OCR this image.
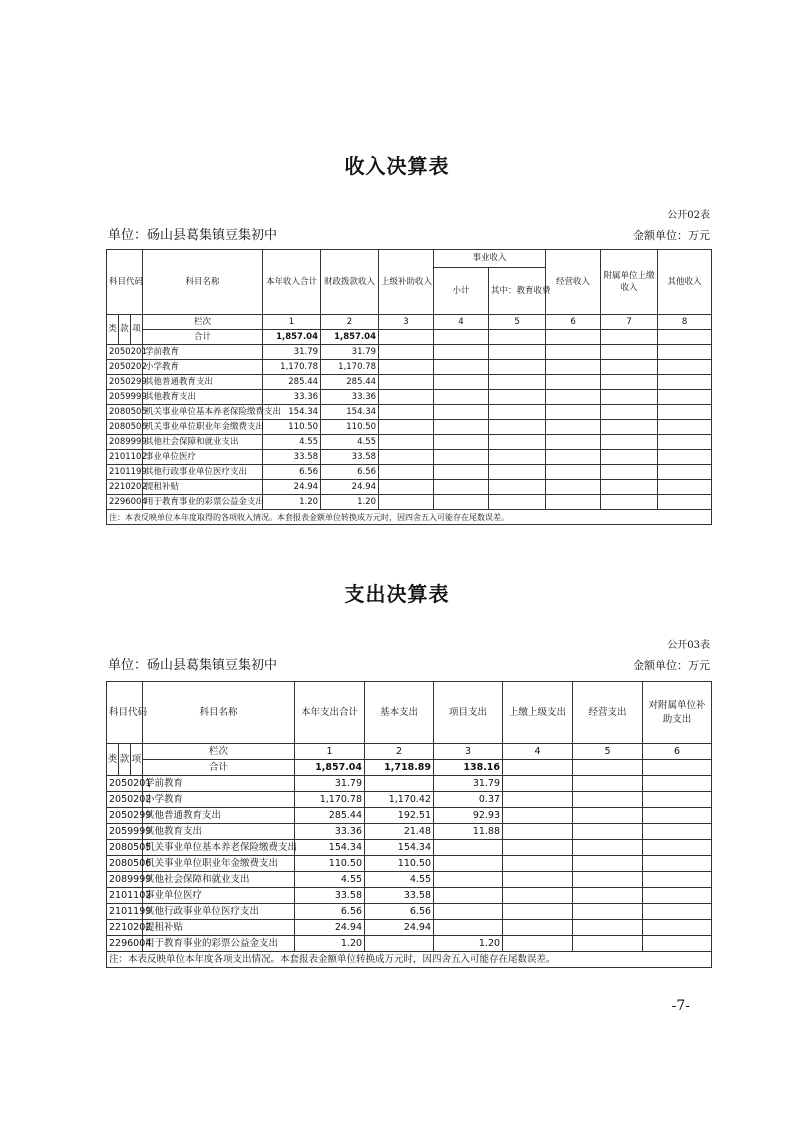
收入决算表
公开02表
单位：砀山县葛集镇豆集初中	金额单位：万元
科目代码			科目名称	本年收入合计	财政拨款收入	上级补助收入	事业收入		经营收入	附属单位上缴收入	其他收入
							小计	其中：教育收费			

类	款	项	栏次	1	2	3	4	5	6	7	8
			合计	1,857.04	1,857.04						
2050201			学前教育	31.79	31.79						
2050202			小学教育	1,170.78	1,170.78						
2050299			其他普通教育支出	285.44	285.44						
2059999			其他教育支出	33.36	33.36						
2080505			机关事业单位基本养老保险缴费支出	154.34	154.34						
2080506			机关事业单位职业年金缴费支出	110.50	110.50						
2089999			其他社会保障和就业支出	4.55	4.55						
2101102			事业单位医疗	33.58	33.58						
2101199			其他行政事业单位医疗支出	6.56	6.56						
2210202			提租补贴	24.94	24.94						
2296004			用于教育事业的彩票公益金支出	1.20	1.20						
注：本表反映单位本年度取得的各项收入情况。本套报表金额单位转换成万元时，因四舍五入可能存在尾数误差。											
支出决算表
公开03表
单位：砀山县葛集镇豆集初中	金额单位：万元
科目代码			科目名称	本年支出合计	基本支出	项目支出	上缴上级支出	经营支出	对附属单位补助支出

类	款	项	栏次	1	2	3	4	5	6
			合计	1,857.04	1,718.89	138.16			
2050201			学前教育	31.79		31.79			
2050202			小学教育	1,170.78	1,170.42	0.37			
2050299			其他普通教育支出	285.44	192.51	92.93			
2059999			其他教育支出	33.36	21.48	11.88			
2080505			机关事业单位基本养老保险缴费支出	154.34	154.34				
2080506			机关事业单位职业年金缴费支出	110.50	110.50				
2089999			其他社会保障和就业支出	4.55	4.55				
2101102			事业单位医疗	33.58	33.58				
2101199			其他行政事业单位医疗支出	6.56	6.56				
2210202			提租补贴	24.94	24.94				
2296004			用于教育事业的彩票公益金支出	1.20		1.20			
注：本表反映单位本年度各项支出情况。本套报表金额单位转换成万元时，因四舍五入可能存在尾数误差。									
-7-
